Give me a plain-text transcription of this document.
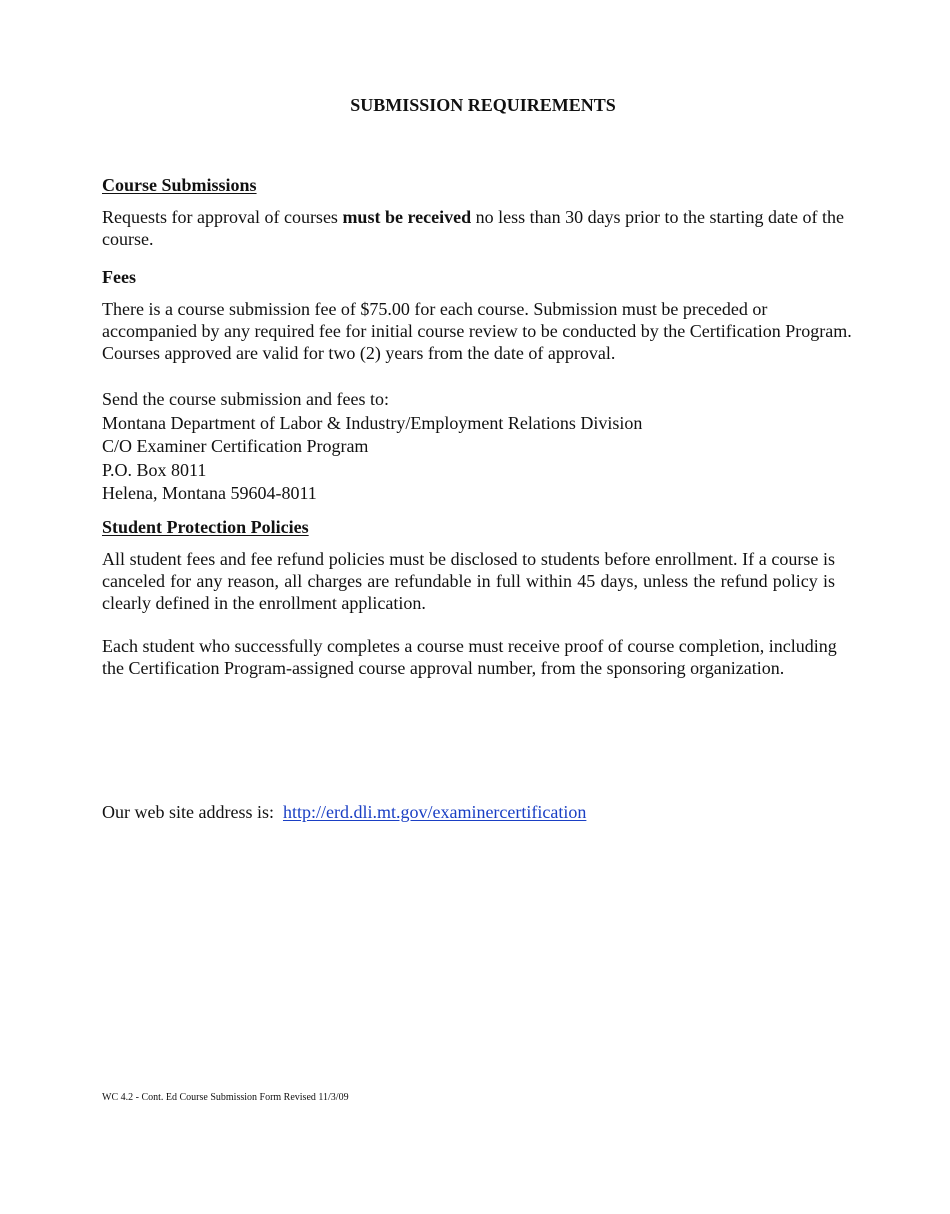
SUBMISSION REQUIREMENTS
Course Submissions
Requests for approval of courses must be received no less than 30 days prior to the starting date of the course.
Fees
There is a course submission fee of $75.00 for each course. Submission must be preceded or accompanied by any required fee for initial course review to be conducted by the Certification Program. Courses approved are valid for two (2) years from the date of approval.
Send the course submission and fees to:
Montana Department of Labor & Industry/Employment Relations Division
C/O Examiner Certification Program
P.O. Box 8011
Helena, Montana 59604-8011
Student Protection Policies
All student fees and fee refund policies must be disclosed to students before enrollment. If a course is canceled for any reason, all charges are refundable in full within 45 days, unless the refund policy is clearly defined in the enrollment application.
Each student who successfully completes a course must receive proof of course completion, including the Certification Program-assigned course approval number, from the sponsoring organization.
Our web site address is: http://erd.dli.mt.gov/examinercertification
WC 4.2 - Cont. Ed Course Submission Form Revised 11/3/09
